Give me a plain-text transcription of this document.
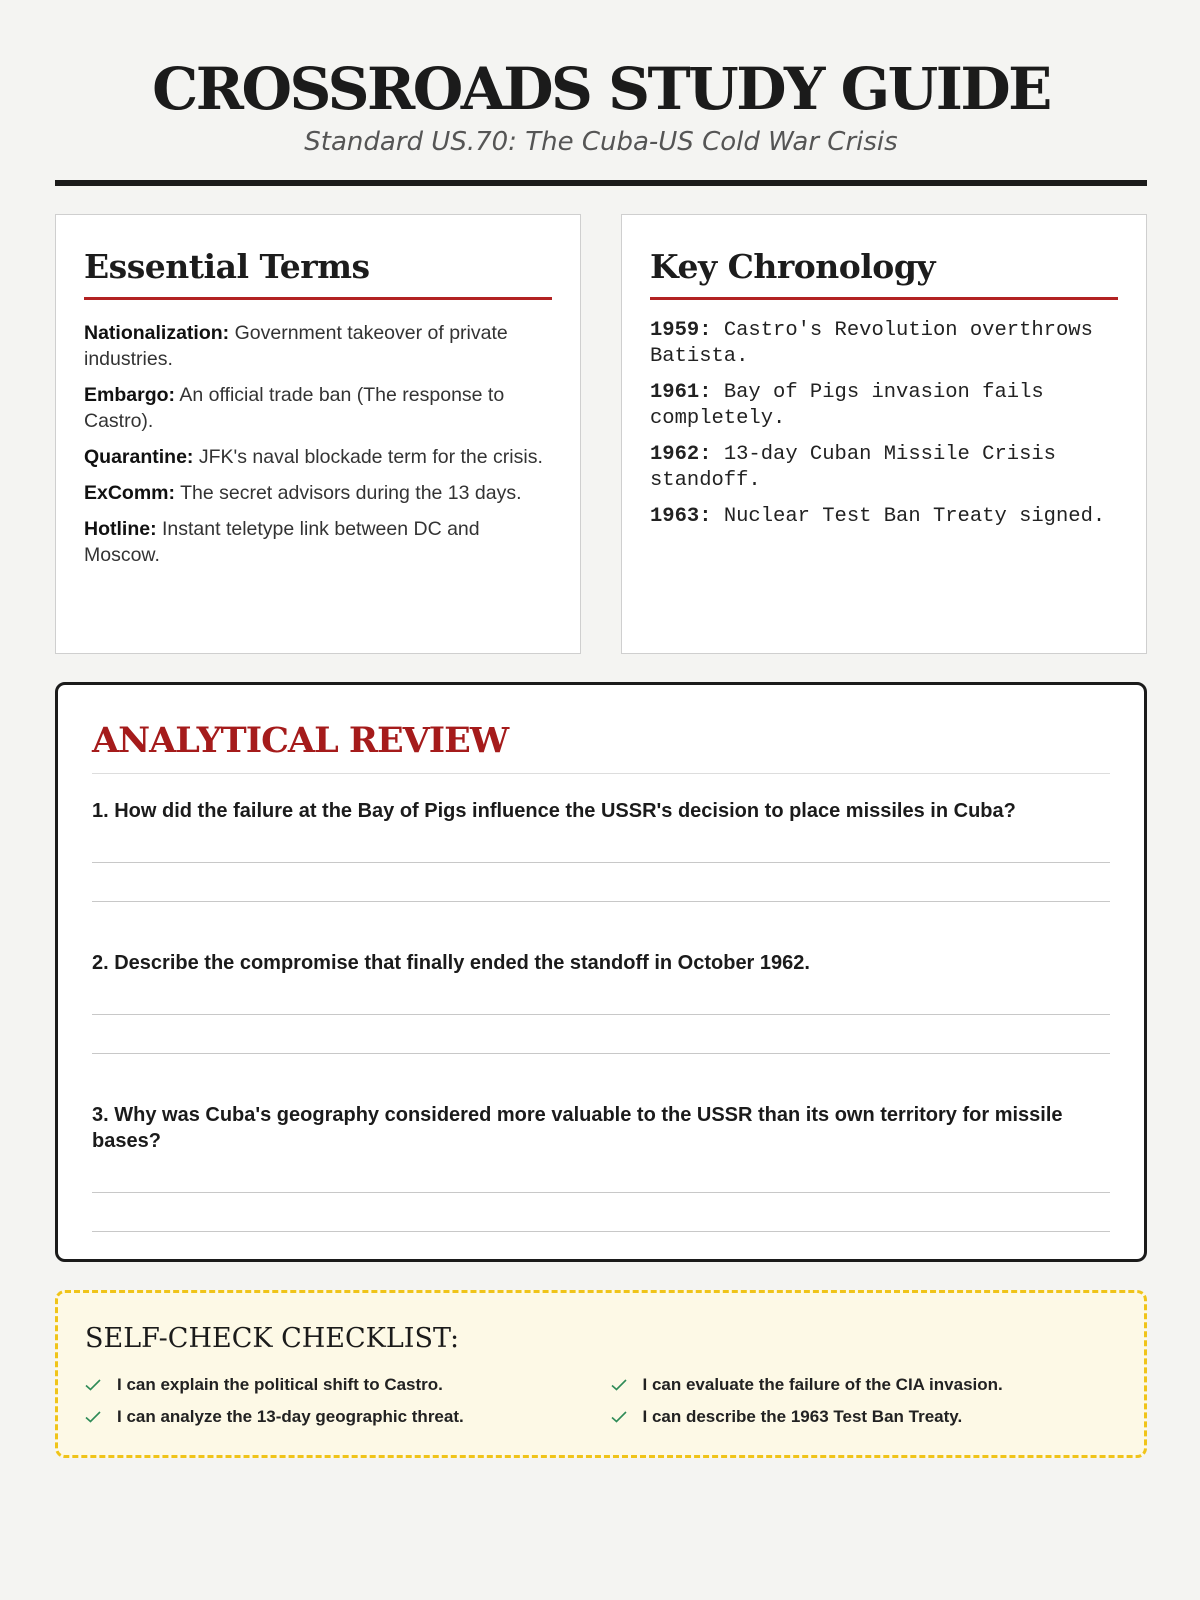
CROSSROADS STUDY GUIDE
Standard US.70: The Cuba-US Cold War Crisis
Essential Terms
Nationalization: Government takeover of private industries.
Embargo: An official trade ban (The response to Castro).
Quarantine: JFK's naval blockade term for the crisis.
ExComm: The secret advisors during the 13 days.
Hotline: Instant teletype link between DC and Moscow.
Key Chronology
1959: Castro's Revolution overthrows Batista.
1961: Bay of Pigs invasion fails completely.
1962: 13-day Cuban Missile Crisis standoff.
1963: Nuclear Test Ban Treaty signed.
ANALYTICAL REVIEW
1. How did the failure at the Bay of Pigs influence the USSR's decision to place missiles in Cuba?
2. Describe the compromise that finally ended the standoff in October 1962.
3. Why was Cuba's geography considered more valuable to the USSR than its own territory for missile bases?
SELF-CHECK CHECKLIST:
I can explain the political shift to Castro.	I can evaluate the failure of the CIA invasion.
I can analyze the 13-day geographic threat.	I can describe the 1963 Test Ban Treaty.
